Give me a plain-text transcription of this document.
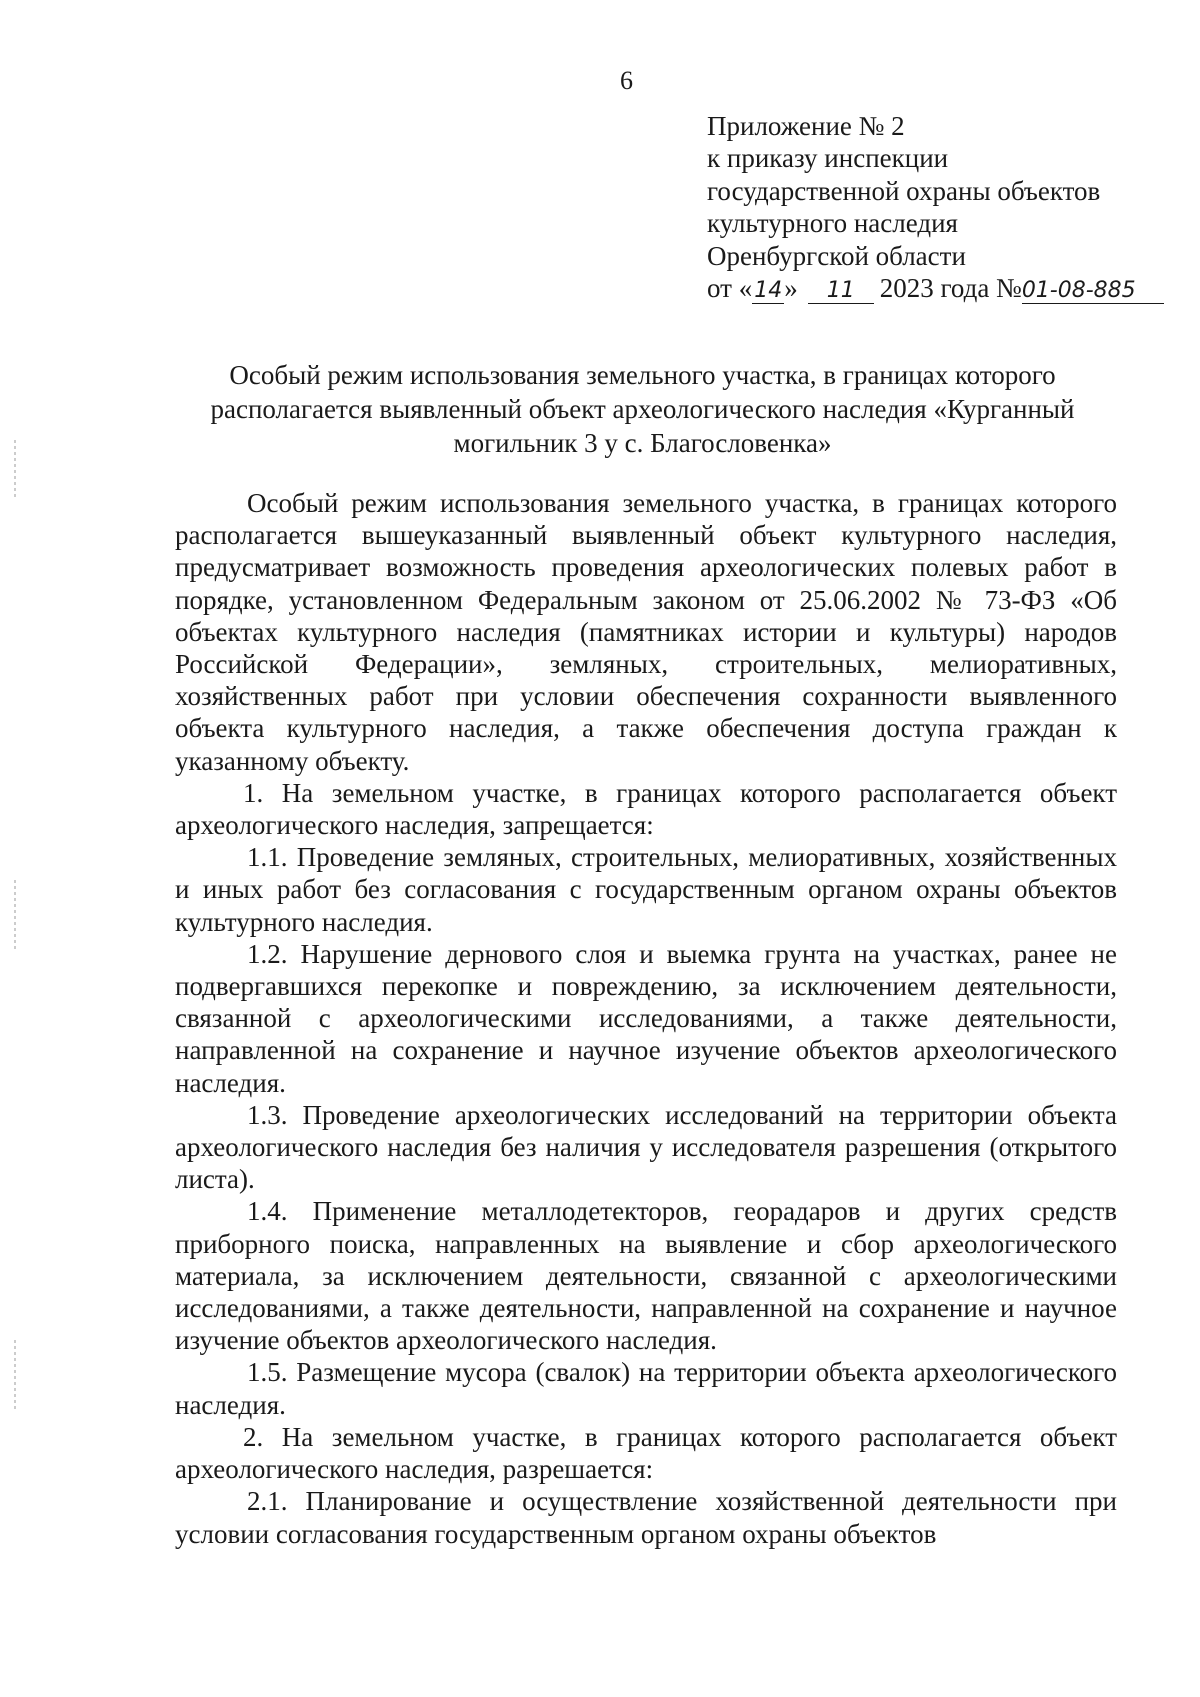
6
Приложение № 2
к приказу инспекции
государственной охраны объектов
культурного наследия
Оренбургской области
от «14» 11 2023 года №01-08-885
Особый режим использования земельного участка, в границах которого располагается выявленный объект археологического наследия «Курганный могильник 3 у с. Благословенка»

Особый режим использования земельного участка, в границах которого располагается вышеуказанный выявленный объект культурного наследия, предусматривает возможность проведения археологических полевых работ в порядке, установленном Федеральным законом от 25.06.2002 № 73-ФЗ «Об объектах культурного наследия (памятниках истории и культуры) народов Российской Федерации», земляных, строительных, мелиоративных, хозяйственных работ при условии обеспечения сохранности выявленного объекта культурного наследия, а также обеспечения доступа граждан к указанному объекту.

1. На земельном участке, в границах которого располагается объект археологического наследия, запрещается:

1.1. Проведение земляных, строительных, мелиоративных, хозяйственных и иных работ без согласования с государственным органом охраны объектов культурного наследия.

1.2. Нарушение дернового слоя и выемка грунта на участках, ранее не подвергавшихся перекопке и повреждению, за исключением деятельности, связанной с археологическими исследованиями, а также деятельности, направленной на сохранение и научное изучение объектов археологического наследия.

1.3. Проведение археологических исследований на территории объекта археологического наследия без наличия у исследователя разрешения (открытого листа).

1.4. Применение металлодетекторов, георадаров и других средств приборного поиска, направленных на выявление и сбор археологического материала, за исключением деятельности, связанной с археологическими исследованиями, а также деятельности, направленной на сохранение и научное изучение объектов археологического наследия.

1.5. Размещение мусора (свалок) на территории объекта археологического наследия.

2. На земельном участке, в границах которого располагается объект археологического наследия, разрешается:

2.1. Планирование и осуществление хозяйственной деятельности при условии согласования государственным органом охраны объектов
